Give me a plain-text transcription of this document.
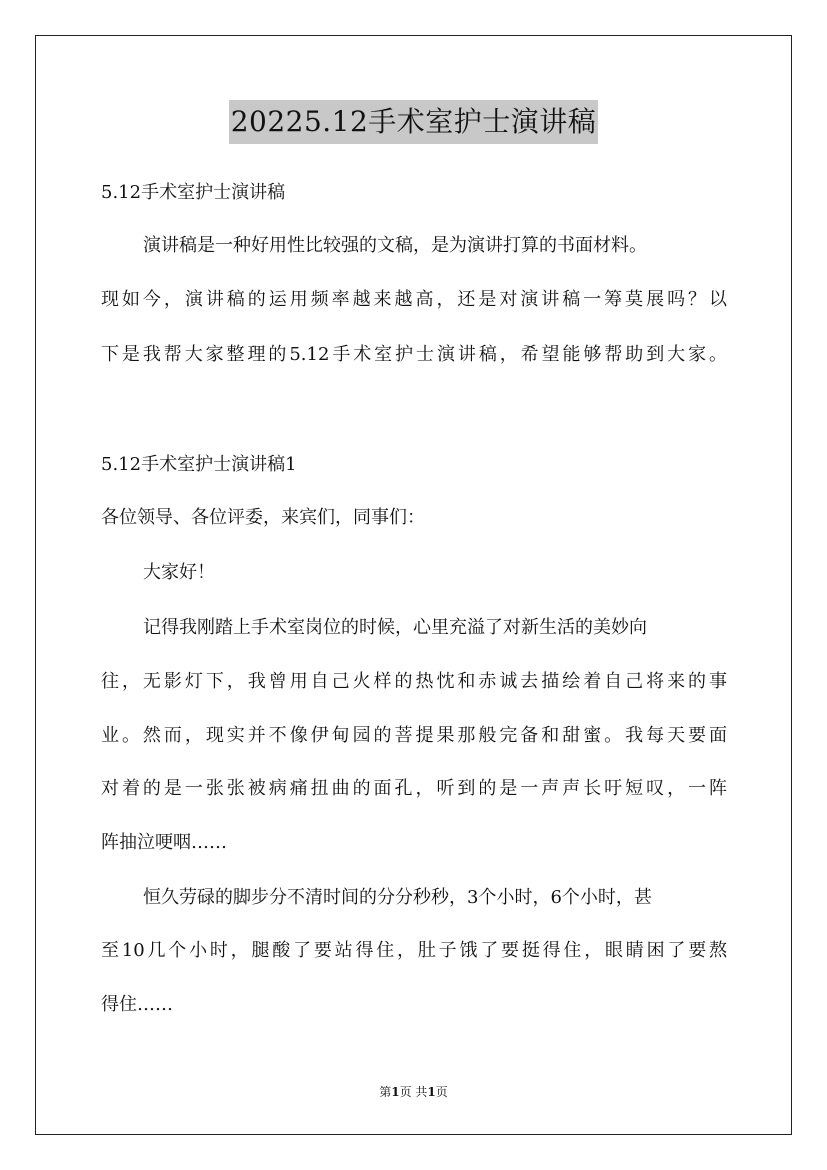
20225.12手术室护士演讲稿
5.12手术室护士演讲稿
演讲稿是一种好用性比较强的文稿，是为演讲打算的书面材料。
现如今，演讲稿的运用频率越来越高，还是对演讲稿一筹莫展吗？以
下是我帮大家整理的5.12手术室护士演讲稿，希望能够帮助到大家。
5.12手术室护士演讲稿1
各位领导、各位评委，来宾们，同事们：
大家好！
记得我刚踏上手术室岗位的时候，心里充溢了对新生活的美妙向
往，无影灯下，我曾用自己火样的热忱和赤诚去描绘着自己将来的事
业。然而，现实并不像伊甸园的菩提果那般完备和甜蜜。我每天要面
对着的是一张张被病痛扭曲的面孔，听到的是一声声长吁短叹，一阵
阵抽泣哽咽……
恒久劳碌的脚步分不清时间的分分秒秒，3个小时，6个小时，甚
至10几个小时，腿酸了要站得住，肚子饿了要挺得住，眼睛困了要熬
得住……
第1页 共1页
